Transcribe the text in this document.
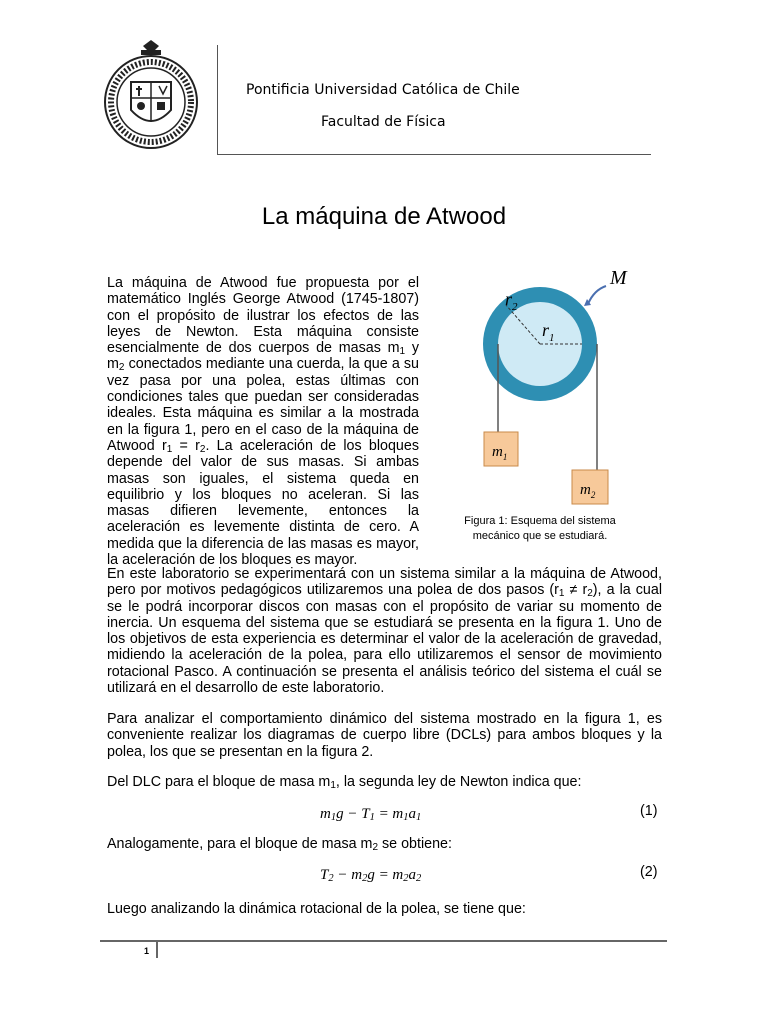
Pontificia Universidad Católica de Chile
Facultad de Física
La máquina de Atwood
La máquina de Atwood fue propuesta por el matemático Inglés George Atwood (1745-1807) con el propósito de ilustrar los efectos de las leyes de Newton. Esta máquina consiste esencialmente de dos cuerpos de masas $m_1$ y $m_2$ conectados mediante una cuerda, la que a su vez pasa por una polea, estas últimas con condiciones tales que puedan ser consideradas ideales. Esta máquina es similar a la mostrada en la figura 1, pero en el caso de la máquina de Atwood $r_1 = r_2$. La aceleración de los bloques depende del valor de sus masas. Si ambas masas son iguales, el sistema queda en equilibrio y los bloques no aceleran. Si las masas difieren levemente, entonces la aceleración es levemente distinta de cero. A medida que la diferencia de las masas es mayor, la aceleración de los bloques es mayor.
M
$r_2$
$r_1$
$m_1$
$m_2$
Figura 1: Esquema del sistema mecánico que se estudiará.
En este laboratorio se experimentará con un sistema similar a la máquina de Atwood, pero por motivos pedagógicos utilizaremos una polea de dos pasos $(r_1 \ne r_2)$, a la cual se le podrá incorporar discos con masas con el propósito de variar su momento de inercia. Un esquema del sistema que se estudiará se presenta en la figura 1. Uno de los objetivos de esta experiencia es determinar el valor de la aceleración de gravedad, midiendo la aceleración de la polea, para ello utilizaremos el sensor de movimiento rotacional Pasco. A continuación se presenta el análisis teórico del sistema el cuál se utilizará en el desarrollo de este laboratorio.
Para analizar el comportamiento dinámico del sistema mostrado en la figura 1, es conveniente realizar los diagramas de cuerpo libre (DCLs) para ambos bloques y la polea, los que se presentan en la figura 2.
Del DLC para el bloque de masa $m_1$, la segunda ley de Newton indica que:
$m_1g - T_1 = m_1a_1$	(1)
Analogamente, para el bloque de masa $m_2$ se obtiene:
$T_2 - m_2g = m_2a_2$	(2)
Luego analizando la dinámica rotacional de la polea, se tiene que:
1
